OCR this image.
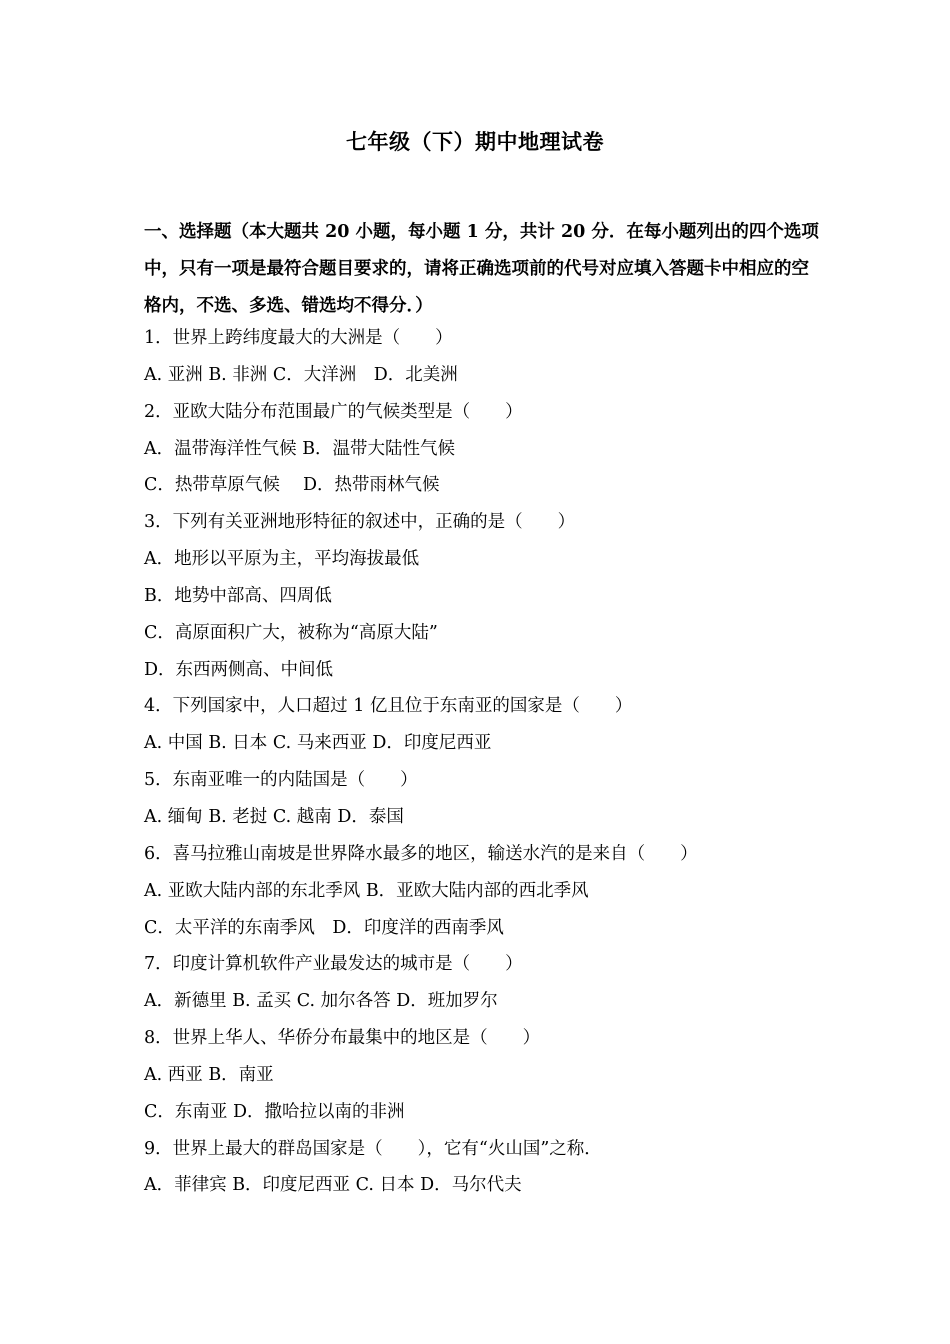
七年级（下）期中地理试卷
一、选择题（本大题共 20 小题，每小题 1 分，共计 20 分．在每小题列出的四个选项中，只有一项是最符合题目要求的，请将正确选项前的代号对应填入答题卡中相应的空格内，不选、多选、错选均不得分．）
1．世界上跨纬度最大的大洲是（　　）
A. 亚洲 B. 非洲 C．大洋洲　D．北美洲
2．亚欧大陆分布范围最广的气候类型是（　　）
A．温带海洋性气候 B．温带大陆性气候
C．热带草原气候　 D．热带雨林气候
3．下列有关亚洲地形特征的叙述中，正确的是（　　）
A．地形以平原为主，平均海拔最低
B．地势中部高、四周低
C．高原面积广大，被称为“高原大陆”
D．东西两侧高、中间低
4．下列国家中，人口超过 1 亿且位于东南亚的国家是（　　）
A. 中国 B. 日本 C. 马来西亚 D．印度尼西亚
5．东南亚唯一的内陆国是（　　）
A. 缅甸 B. 老挝 C. 越南 D．泰国
6．喜马拉雅山南坡是世界降水最多的地区，输送水汽的是来自（　　）
A. 亚欧大陆内部的东北季风 B．亚欧大陆内部的西北季风
C．太平洋的东南季风　D．印度洋的西南季风
7．印度计算机软件产业最发达的城市是（　　）
A．新德里 B. 孟买 C. 加尔各答 D．班加罗尔
8．世界上华人、华侨分布最集中的地区是（　　）
A. 西亚 B．南亚
C．东南亚 D．撒哈拉以南的非洲
9．世界上最大的群岛国家是（　　），它有“火山国”之称．
A．菲律宾 B．印度尼西亚 C. 日本 D．马尔代夫
